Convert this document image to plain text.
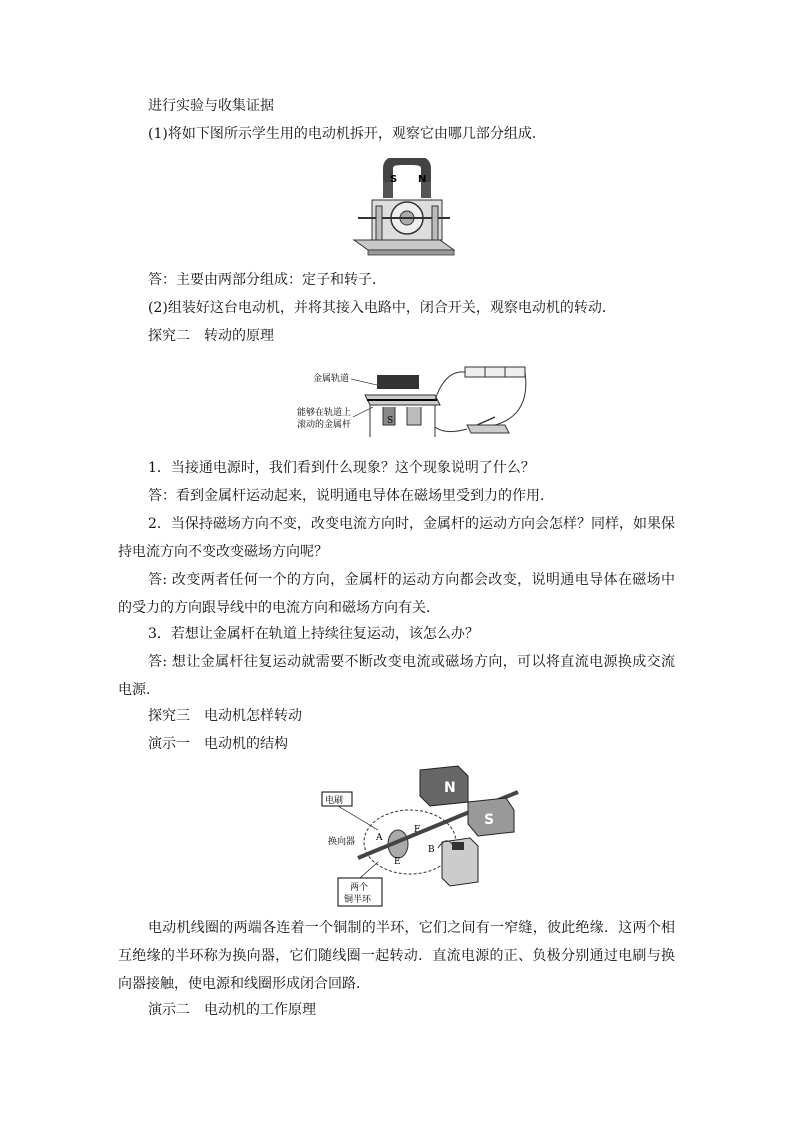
进行实验与收集证据
(1)将如下图所示学生用的电动机拆开，观察它由哪几部分组成．
S N
答：主要由两部分组成：定子和转子．
(2)组装好这台电动机，并将其接入电路中，闭合开关，观察电动机的转动．
探究二　转动的原理
金属轨道
能够在轨道上
滚动的金属杆	S
1．当接通电源时，我们看到什么现象？这个现象说明了什么？
答：看到金属杆运动起来，说明通电导体在磁场里受到力的作用．
2．当保持磁场方向不变，改变电流方向时，金属杆的运动方向会怎样？同样，如果保持电流方向不变改变磁场方向呢？
答: 改变两者任何一个的方向，金属杆的运动方向都会改变，说明通电导体在磁场中的受力的方向跟导线中的电流方向和磁场方向有关．
3．若想让金属杆在轨道上持续往复运动，该怎么办？
答: 想让金属杆往复运动就需要不断改变电流或磁场方向，可以将直流电源换成交流电源．
探究三　电动机怎样转动
演示一　电动机的结构
电刷
换向器
两个
铜半环
A
B
E
F
N
S
电动机线圈的两端各连着一个铜制的半环，它们之间有一窄缝，彼此绝缘．这两个相互绝缘的半环称为换向器，它们随线圈一起转动．直流电源的正、负极分别通过电刷与换向器接触，使电源和线圈形成闭合回路．
演示二　电动机的工作原理
